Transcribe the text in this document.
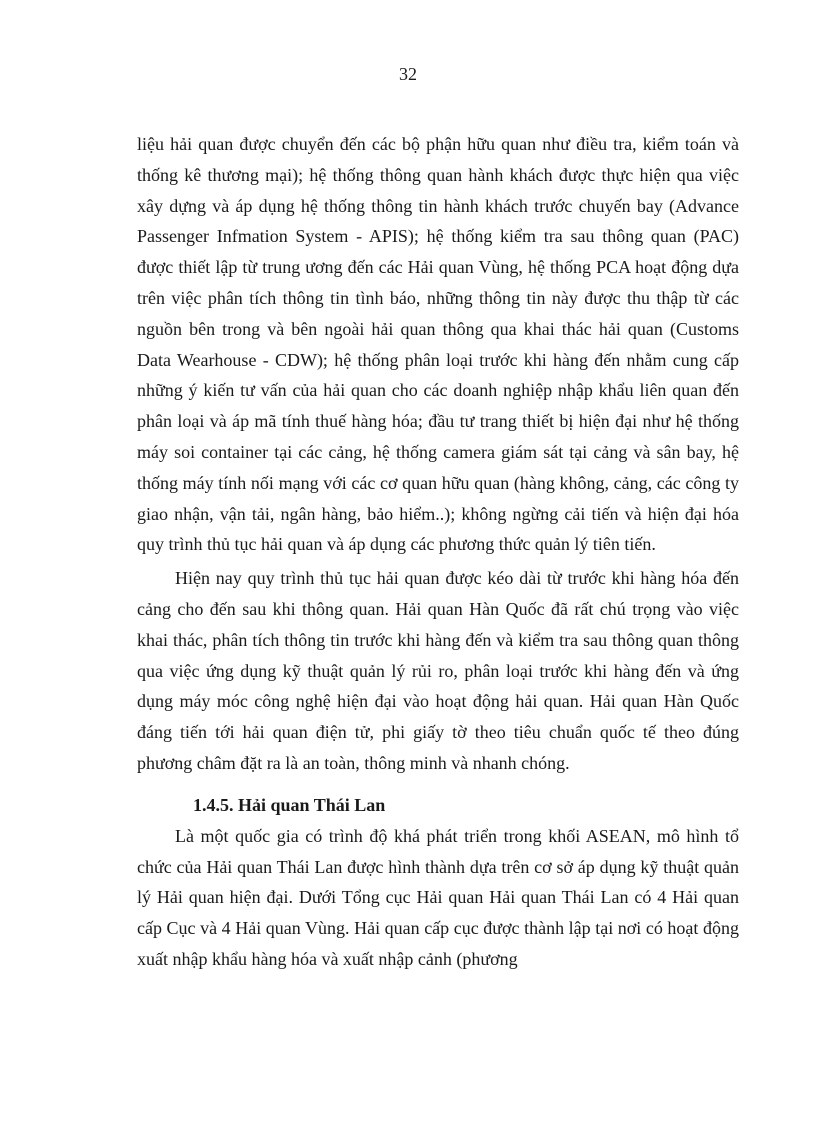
32

liệu hải quan được chuyển đến các bộ phận hữu quan như điều tra, kiểm toán và thống kê thương mại); hệ thống thông quan hành khách được thực hiện qua việc xây dựng và áp dụng hệ thống thông tin hành khách trước chuyến bay (Advance Passenger Infmation System - APIS); hệ thống kiểm tra sau thông quan (PAC) được thiết lập từ trung ương đến các Hải quan Vùng, hệ thống PCA hoạt động dựa trên việc phân tích thông tin tình báo, những thông tin này được thu thập từ các nguồn bên trong và bên ngoài hải quan thông qua khai thác hải quan (Customs Data Wearhouse - CDW); hệ thống phân loại trước khi hàng đến nhằm cung cấp những ý kiến tư vấn của hải quan cho các doanh nghiệp nhập khẩu liên quan đến phân loại và áp mã tính thuế hàng hóa; đầu tư trang thiết bị hiện đại như hệ thống máy soi container tại các cảng, hệ thống camera giám sát tại cảng và sân bay, hệ thống máy tính nối mạng với các cơ quan hữu quan (hàng không, cảng, các công ty giao nhận, vận tải, ngân hàng, bảo hiểm..); không ngừng cải tiến và hiện đại hóa quy trình thủ tục hải quan và áp dụng các phương thức quản lý tiên tiến.

Hiện nay quy trình thủ tục hải quan được kéo dài từ trước khi hàng hóa đến cảng cho đến sau khi thông quan. Hải quan Hàn Quốc đã rất chú trọng vào việc khai thác, phân tích thông tin trước khi hàng đến và kiểm tra sau thông quan thông qua việc ứng dụng kỹ thuật quản lý rủi ro, phân loại trước khi hàng đến và ứng dụng máy móc công nghệ hiện đại vào hoạt động hải quan. Hải quan Hàn Quốc đáng tiến tới hải quan điện tử, phi giấy tờ theo tiêu chuẩn quốc tế theo đúng phương châm đặt ra là an toàn, thông minh và nhanh chóng.

1.4.5. Hải quan Thái Lan

Là một quốc gia có trình độ khá phát triển trong khối ASEAN, mô hình tổ chức của Hải quan Thái Lan được hình thành dựa trên cơ sở áp dụng kỹ thuật quản lý Hải quan hiện đại. Dưới Tổng cục Hải quan Hải quan Thái Lan có 4 Hải quan cấp Cục và 4 Hải quan Vùng. Hải quan cấp cục được thành lập tại nơi có hoạt động xuất nhập khẩu hàng hóa và xuất nhập cảnh (phương
